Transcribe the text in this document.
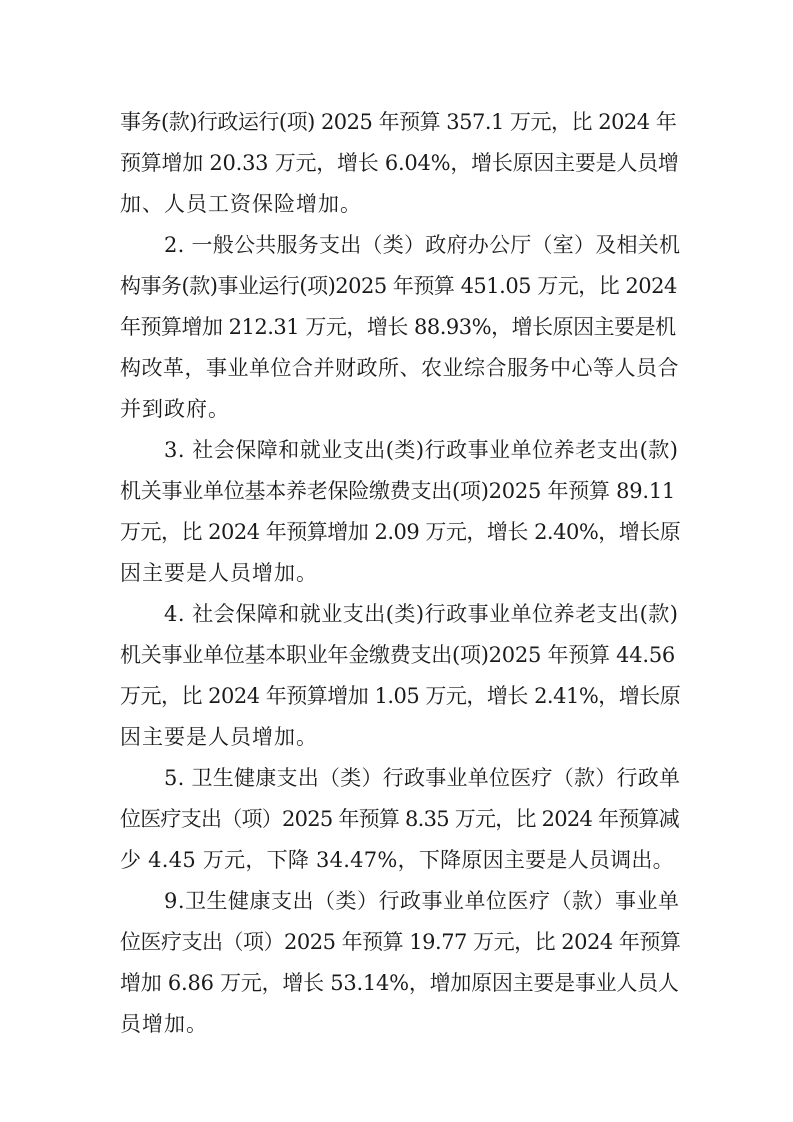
事务(款)行政运行(项) 2025 年预算 357.1 万元，比 2024 年
预算增加 20.33 万元，增长 6.04%，增长原因主要是人员增
加、人员工资保险增加。
2. 一般公共服务支出（类）政府办公厅（室）及相关机
构事务(款)事业运行(项)2025 年预算 451.05 万元，比 2024
年预算增加 212.31 万元，增长 88.93%，增长原因主要是机
构改革，事业单位合并财政所、农业综合服务中心等人员合
并到政府。
3. 社会保障和就业支出(类)行政事业单位养老支出(款)
机关事业单位基本养老保险缴费支出(项)2025 年预算 89.11
万元，比 2024 年预算增加 2.09 万元，增长 2.40%，增长原
因主要是人员增加。
4. 社会保障和就业支出(类)行政事业单位养老支出(款)
机关事业单位基本职业年金缴费支出(项)2025 年预算 44.56
万元，比 2024 年预算增加 1.05 万元，增长 2.41%，增长原
因主要是人员增加。
5. 卫生健康支出（类）行政事业单位医疗（款）行政单
位医疗支出（项）2025 年预算 8.35 万元，比 2024 年预算减
少 4.45 万元，下降 34.47%，下降原因主要是人员调出。
9.卫生健康支出（类）行政事业单位医疗（款）事业单
位医疗支出（项）2025 年预算 19.77 万元，比 2024 年预算
增加 6.86 万元，增长 53.14%，增加原因主要是事业人员人
员增加。
